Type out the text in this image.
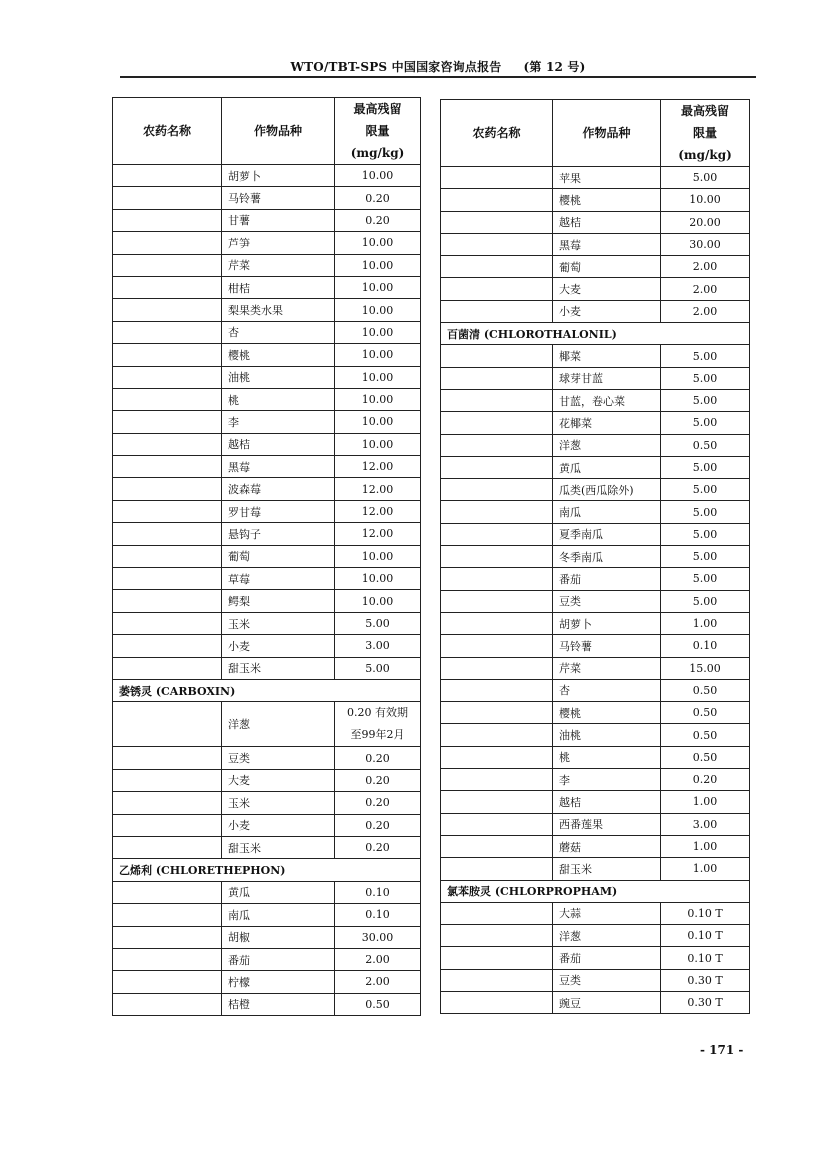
WTO/TBT-SPS 中国国家咨询点报告 (第 12 号)
农药名称	作物品种	最高残留
限量
(mg/kg)

	胡萝卜	10.00
	马铃薯	0.20
	甘薯	0.20
	芦笋	10.00
	芹菜	10.00
	柑桔	10.00
	梨果类水果	10.00
	杏	10.00
	樱桃	10.00
	油桃	10.00
	桃	10.00
	李	10.00
	越桔	10.00
	黑莓	12.00
	波森莓	12.00
	罗甘莓	12.00
	悬钩子	12.00
	葡萄	10.00
	草莓	10.00
	鳄梨	10.00
	玉米	5.00
	小麦	3.00
	甜玉米	5.00
萎锈灵 (CARBOXIN)		
	洋葱	0.20 有效期
至99年2月

	豆类	0.20
	大麦	0.20
	玉米	0.20
	小麦	0.20
	甜玉米	0.20
乙烯利 (CHLORETHEPHON)		
	黄瓜	0.10
	南瓜	0.10
	胡椒	30.00
	番茄	2.00
	柠檬	2.00
	桔橙	0.50
农药名称	作物品种	最高残留
限量
(mg/kg)

	苹果	5.00
	樱桃	10.00
	越桔	20.00
	黑莓	30.00
	葡萄	2.00
	大麦	2.00
	小麦	2.00
百菌清 (CHLOROTHALONIL)		
	椰菜	5.00
	球芽甘蓝	5.00
	甘蓝，卷心菜	5.00
	花椰菜	5.00
	洋葱	0.50
	黄瓜	5.00
	瓜类(西瓜除外)	5.00
	南瓜	5.00
	夏季南瓜	5.00
	冬季南瓜	5.00
	番茄	5.00
	豆类	5.00
	胡萝卜	1.00
	马铃薯	0.10
	芹菜	15.00
	杏	0.50
	樱桃	0.50
	油桃	0.50
	桃	0.50
	李	0.20
	越桔	1.00
	西番莲果	3.00
	蘑菇	1.00
	甜玉米	1.00
氯苯胺灵 (CHLORPROPHAM)		
	大蒜	0.10 T
	洋葱	0.10 T
	番茄	0.10 T
	豆类	0.30 T
	豌豆	0.30 T
- 171 -
